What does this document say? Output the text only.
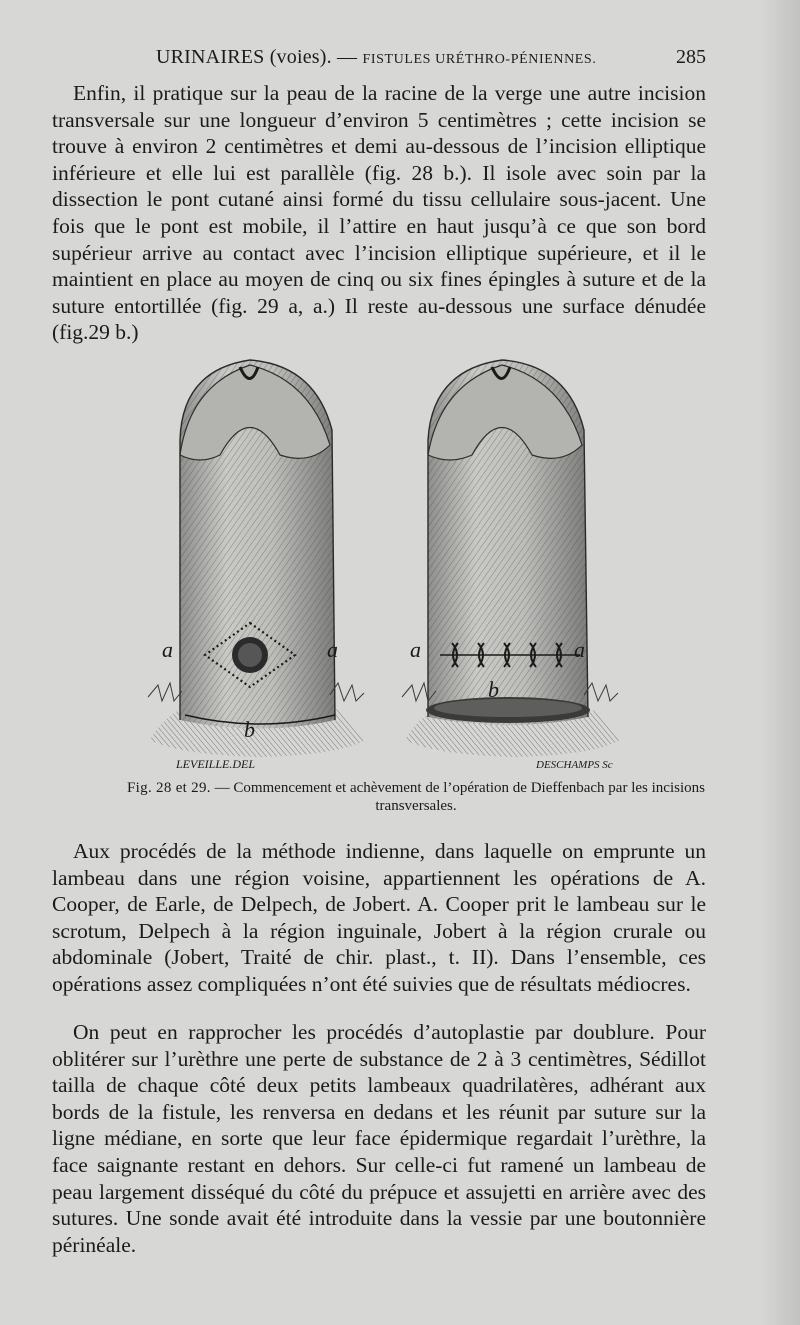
URINAIRES (voies). — FISTULES URÉTHRO-PÉNIENNES.	285

Enfin, il pratique sur la peau de la racine de la verge une autre incision transversale sur une longueur d’environ 5 centimètres ; cette incision se trouve à environ 2 centimètres et demi au-dessous de l’incision elliptique inférieure et elle lui est parallèle (fig. 28 b.). Il isole avec soin par la dissection le pont cutané ainsi formé du tissu cellulaire sous-jacent. Une fois que le pont est mobile, il l’attire en haut jusqu’à ce que son bord supérieur arrive au contact avec l’incision elliptique supérieure, et il le maintient en place au moyen de cinq ou six fines épingles à suture et de la suture entortillée (fig. 29 a, a.) Il reste au-dessous une surface dénudée (fig.29 b.)

a	a
b
LEVEILLE.DEL
a	a
b
DESCHAMPS Sc
Fig. 28 et 29. — Commencement et achèvement de l’opération de Dieffenbach par les incisions transversales.

Aux procédés de la méthode indienne, dans laquelle on emprunte un lambeau dans une région voisine, appartiennent les opérations de A. Cooper, de Earle, de Delpech, de Jobert. A. Cooper prit le lambeau sur le scrotum, Delpech à la région inguinale, Jobert à la région crurale ou abdominale (Jobert, Traité de chir. plast., t. II). Dans l’ensemble, ces opérations assez compliquées n’ont été suivies que de résultats médiocres.

On peut en rapprocher les procédés d’autoplastie par doublure. Pour oblitérer sur l’urèthre une perte de substance de 2 à 3 centimètres, Sédillot tailla de chaque côté deux petits lambeaux quadrilatères, adhérant aux bords de la fistule, les renversa en dedans et les réunit par suture sur la ligne médiane, en sorte que leur face épidermique regardait l’urèthre, la face saignante restant en dehors. Sur celle-ci fut ramené un lambeau de peau largement disséqué du côté du prépuce et assujetti en arrière avec des sutures. Une sonde avait été introduite dans la vessie par une boutonnière périnéale.
